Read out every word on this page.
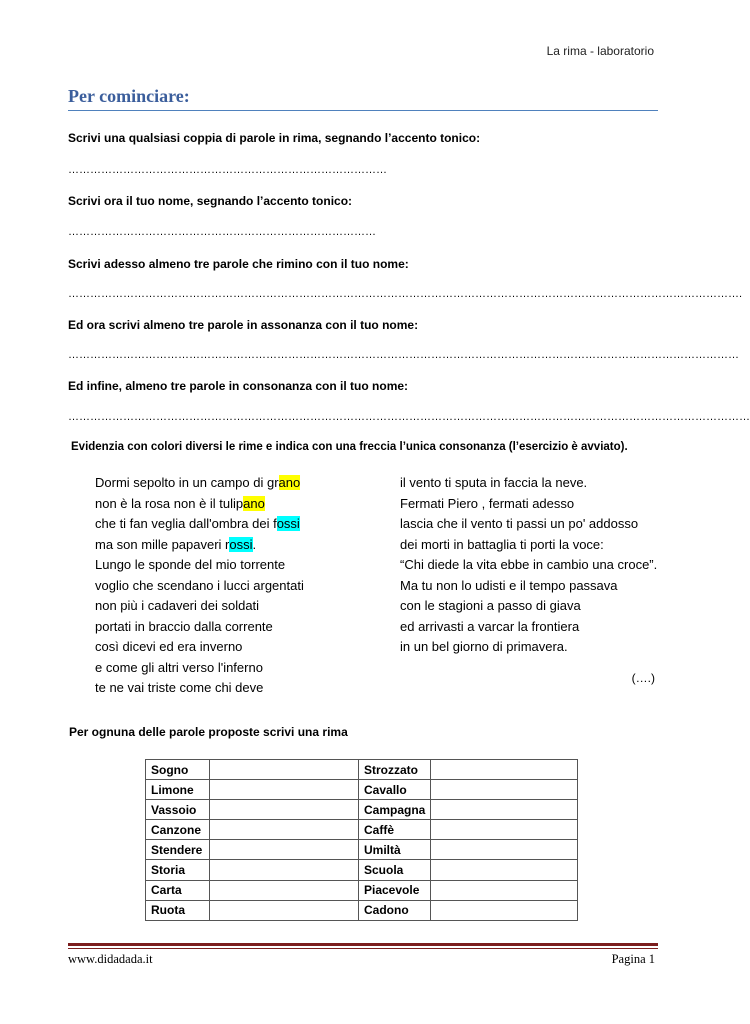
La rima - laboratorio
Per cominciare:
Scrivi una qualsiasi coppia di parole in rima, segnando l’accento tonico:
……………………………………………………………………………
Scrivi ora il tuo nome, segnando l’accento tonico:
…………………………………………………………………………
Scrivi adesso almeno tre parole che rimino con il tuo nome:
………………………………………………………………………………………………………………………………………………………………….
Ed ora scrivi almeno tre parole in assonanza con il tuo nome:
…………………………………………………………………………………………………………………………………………………………………
Ed infine, almeno tre parole in consonanza con il tuo nome:
……………………………………………………………………………………………………………………………………………………………………
Evidenzia con colori diversi le rime e indica con una freccia l’unica consonanza (l’esercizio è avviato).
Dormi sepolto in un campo di grano
non è la rosa non è il tulipano
che ti fan veglia dall'ombra dei fossi
ma son mille papaveri rossi.
Lungo le sponde del mio torrente
voglio che scendano i lucci argentati
non più i cadaveri dei soldati
portati in braccio dalla corrente
così dicevi ed era inverno
e come gli altri verso l'inferno
te ne vai triste come chi deve
il vento ti sputa in faccia la neve.
Fermati Piero , fermati adesso
lascia che il vento ti passi un po' addosso
dei morti in battaglia ti porti la voce:
“Chi diede la vita ebbe in cambio una croce”.
Ma tu non lo udisti e il tempo passava
con le stagioni a passo di giava
ed arrivasti a varcar la frontiera
in un bel giorno di primavera.
(….)
Per ognuna delle parole proposte scrivi una rima
Sogno		Strozzato	
Limone		Cavallo	
Vassoio		Campagna	
Canzone		Caffè	
Stendere		Umiltà	
Storia		Scuola	
Carta		Piacevole	
Ruota		Cadono	
www.didadada.it	Pagina 1
